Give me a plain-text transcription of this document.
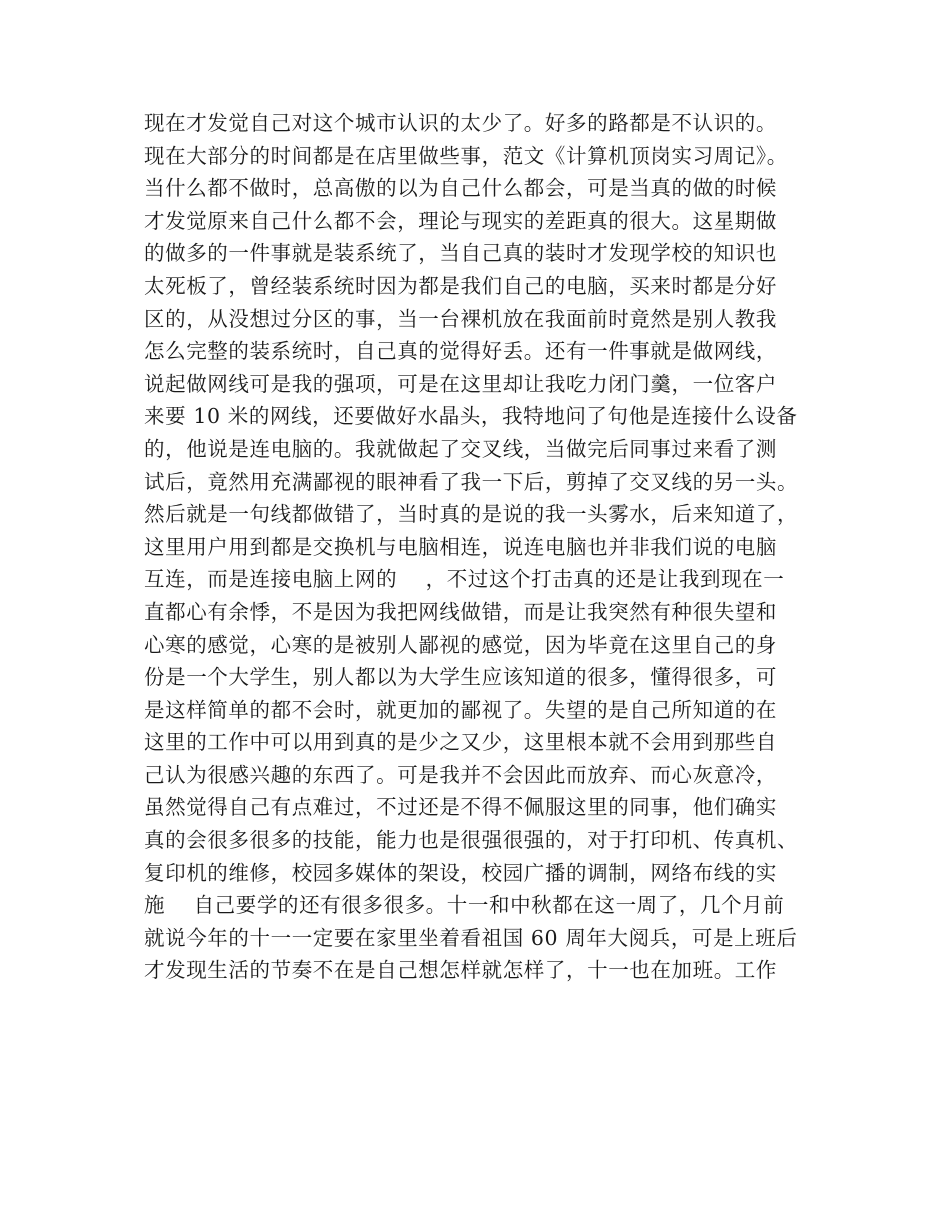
现在才发觉自己对这个城市认识的太少了。好多的路都是不认识的。
现在大部分的时间都是在店里做些事，范文《计算机顶岗实习周记》。
当什么都不做时，总高傲的以为自己什么都会，可是当真的做的时候
才发觉原来自己什么都不会，理论与现实的差距真的很大。这星期做
的做多的一件事就是装系统了，当自己真的装时才发现学校的知识也
太死板了，曾经装系统时因为都是我们自己的电脑，买来时都是分好
区的，从没想过分区的事，当一台裸机放在我面前时竟然是别人教我
怎么完整的装系统时，自己真的觉得好丢。还有一件事就是做网线，
说起做网线可是我的强项，可是在这里却让我吃力闭门羹，一位客户
来要 10 米的网线，还要做好水晶头，我特地问了句他是连接什么设备
的，他说是连电脑的。我就做起了交叉线，当做完后同事过来看了测
试后，竟然用充满鄙视的眼神看了我一下后，剪掉了交叉线的另一头。
然后就是一句线都做错了，当时真的是说的我一头雾水，后来知道了，
这里用户用到都是交换机与电脑相连，说连电脑也并非我们说的电脑
互连，而是连接电脑上网的    ，不过这个打击真的还是让我到现在一
直都心有余悸，不是因为我把网线做错，而是让我突然有种很失望和
心寒的感觉，心寒的是被别人鄙视的感觉，因为毕竟在这里自己的身
份是一个大学生，别人都以为大学生应该知道的很多，懂得很多，可
是这样简单的都不会时，就更加的鄙视了。失望的是自己所知道的在
这里的工作中可以用到真的是少之又少，这里根本就不会用到那些自
己认为很感兴趣的东西了。可是我并不会因此而放弃、而心灰意冷，
虽然觉得自己有点难过，不过还是不得不佩服这里的同事，他们确实
真的会很多很多的技能，能力也是很强很强的，对于打印机、传真机、
复印机的维修，校园多媒体的架设，校园广播的调制，网络布线的实
施    自己要学的还有很多很多。十一和中秋都在这一周了，几个月前
就说今年的十一一定要在家里坐着看祖国 60 周年大阅兵，可是上班后
才发现生活的节奏不在是自己想怎样就怎样了，十一也在加班。工作
